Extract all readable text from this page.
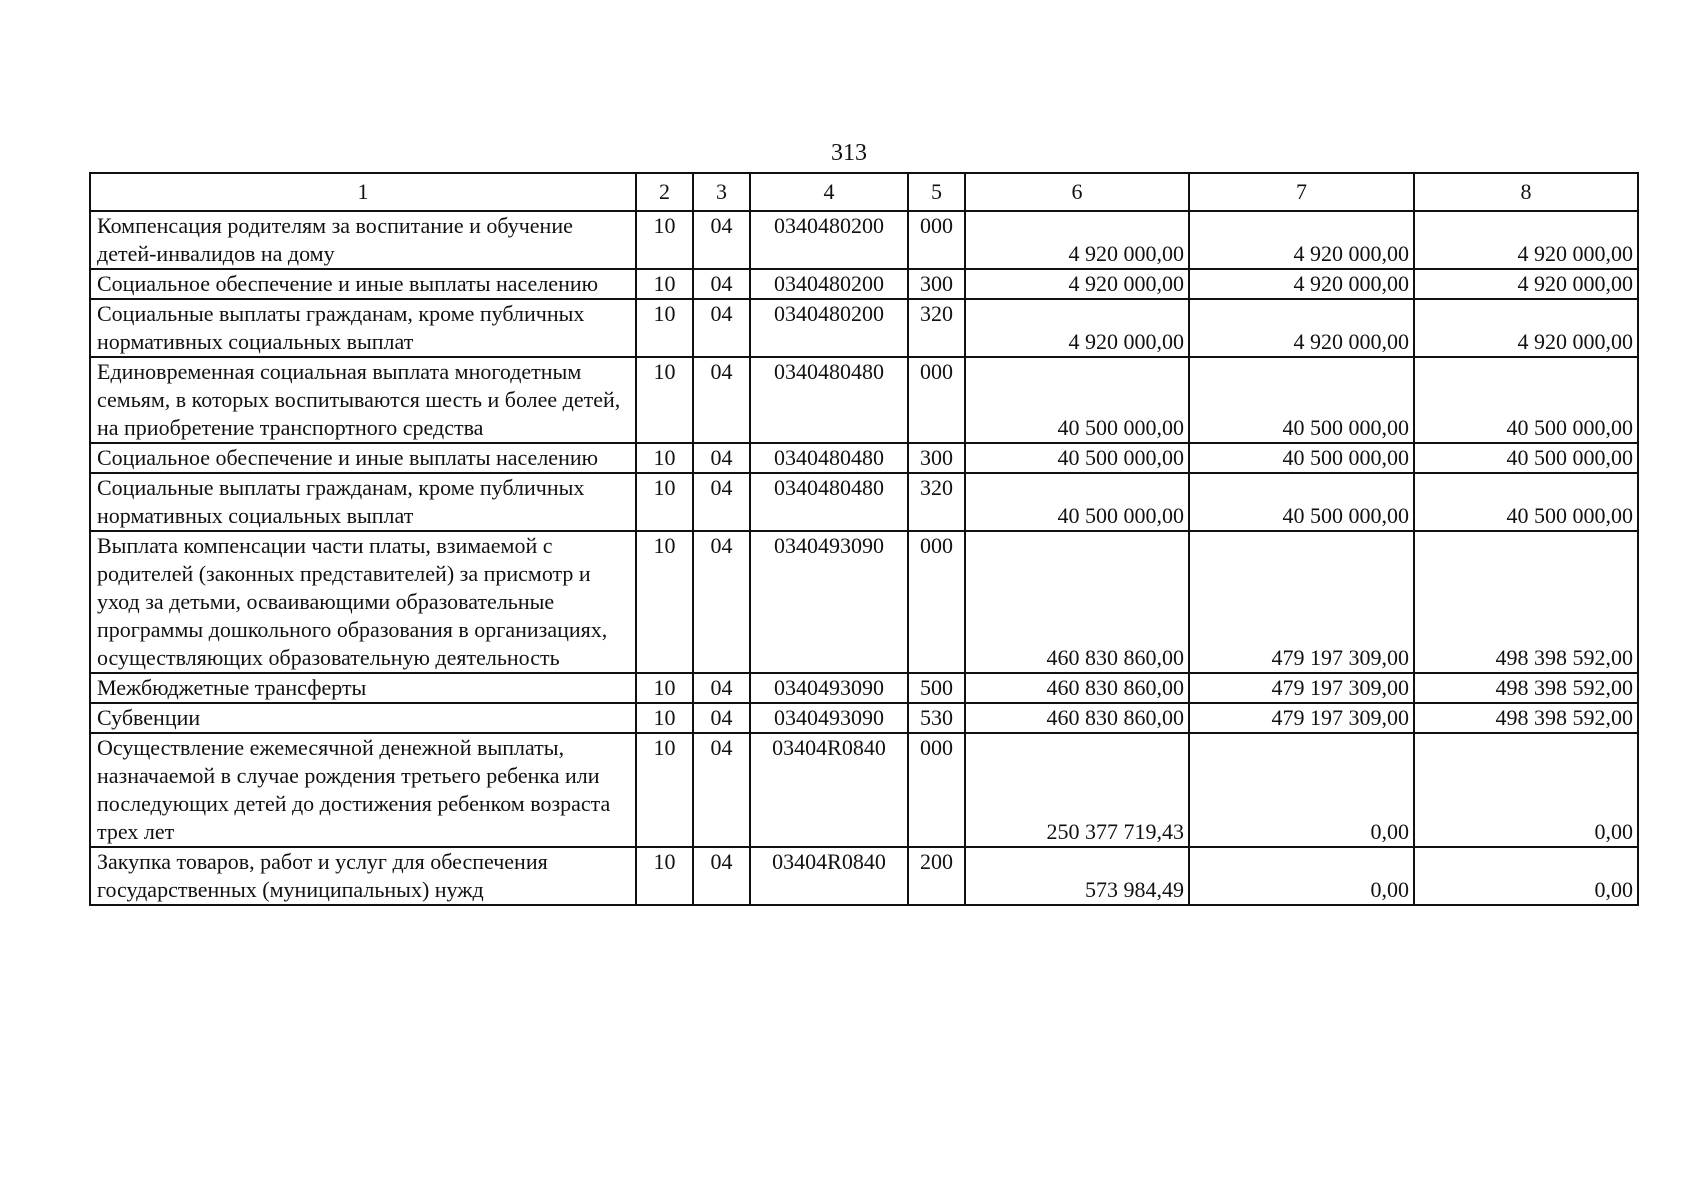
313
1	2	3	4	5	6	7	8
Компенсация родителям за воспитание и обучение детей-инвалидов на дому	10	04	0340480200	000	4 920 000,00	4 920 000,00	4 920 000,00
Социальное обеспечение и иные выплаты населению	10	04	0340480200	300	4 920 000,00	4 920 000,00	4 920 000,00
Социальные выплаты гражданам, кроме публичных нормативных социальных выплат	10	04	0340480200	320	4 920 000,00	4 920 000,00	4 920 000,00
Единовременная социальная выплата многодетным семьям, в которых воспитываются шесть и более детей, на приобретение транспортного средства	10	04	0340480480	000	40 500 000,00	40 500 000,00	40 500 000,00
Социальное обеспечение и иные выплаты населению	10	04	0340480480	300	40 500 000,00	40 500 000,00	40 500 000,00
Социальные выплаты гражданам, кроме публичных нормативных социальных выплат	10	04	0340480480	320	40 500 000,00	40 500 000,00	40 500 000,00
Выплата компенсации части платы, взимаемой с родителей (законных представителей) за присмотр и уход за детьми, осваивающими образовательные программы дошкольного образования в организациях, осуществляющих образовательную деятельность	10	04	0340493090	000	460 830 860,00	479 197 309,00	498 398 592,00
Межбюджетные трансферты	10	04	0340493090	500	460 830 860,00	479 197 309,00	498 398 592,00
Субвенции	10	04	0340493090	530	460 830 860,00	479 197 309,00	498 398 592,00
Осуществление ежемесячной денежной выплаты, назначаемой в случае рождения третьего ребенка или последующих детей до достижения ребенком возраста трех лет	10	04	03404R0840	000	250 377 719,43	0,00	0,00
Закупка товаров, работ и услуг для обеспечения государственных (муниципальных) нужд	10	04	03404R0840	200	573 984,49	0,00	0,00
